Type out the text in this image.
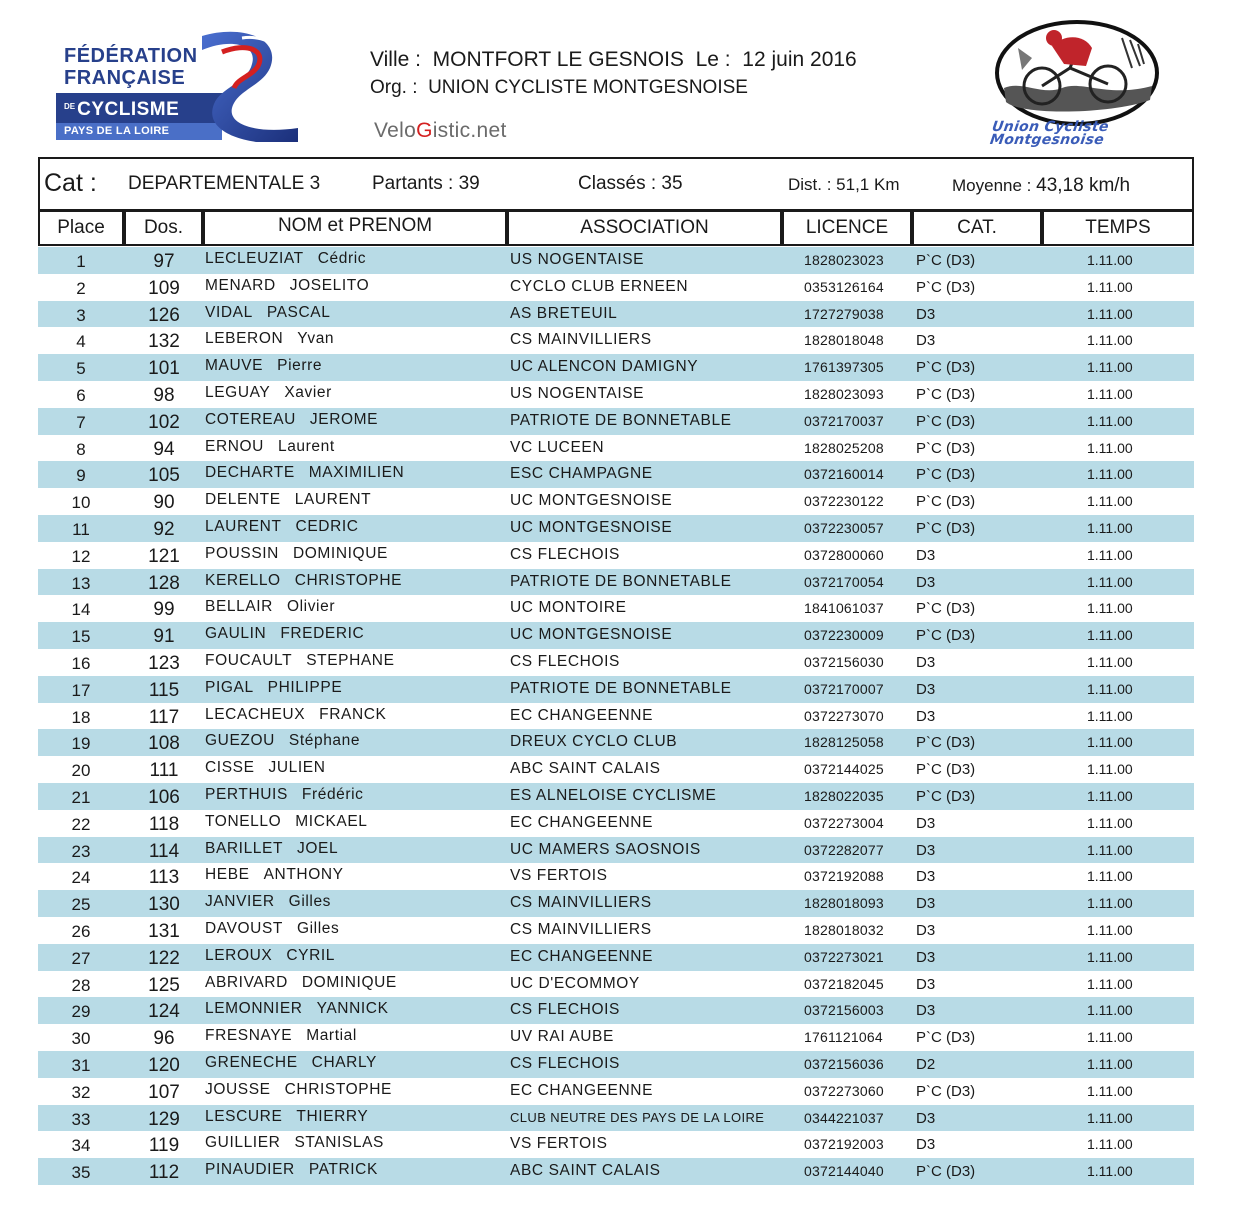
FÉDÉRATION
FRANÇAISE
$^{DE}$ CYCLISME
PAYS DE LA LOIRE
Ville : MONTFORT LE GESNOIS Le : 12 juin 2016
Org. : UNION CYCLISTE MONTGESNOISE
VeloGistic.net	Union Cycliste
Montgesnoise
Cat : DEPARTEMENTALE 3	Partants : 39	Classés : 35	Dist. : 51,1 Km	Moyenne : 43,18 km/h
Place	Dos.	NOM et PRENOM	ASSOCIATION	LICENCE	CAT.	TEMPS
1	97	LECLEUZIAT Cédric	US NOGENTAISE	1828023023 P`C (D3)	1.11.00
2	109	MENARD JOSELITO	CYCLO CLUB ERNEEN	0353126164 P`C (D3)	1.11.00
3	126	VIDAL PASCAL	AS BRETEUIL	1727279038 D3	1.11.00
4	132	LEBERON Yvan	CS MAINVILLIERS	1828018048 D3	1.11.00
5	101	MAUVE Pierre	UC ALENCON DAMIGNY	1761397305 P`C (D3)	1.11.00
6	98	LEGUAY Xavier	US NOGENTAISE	1828023093 P`C (D3)	1.11.00
7	102	COTEREAU JEROME	PATRIOTE DE BONNETABLE	0372170037 P`C (D3)	1.11.00
8	94	ERNOU Laurent	VC LUCEEN	1828025208 P`C (D3)	1.11.00
9	105	DECHARTE MAXIMILIEN	ESC CHAMPAGNE	0372160014 P`C (D3)	1.11.00
10	90	DELENTE LAURENT	UC MONTGESNOISE	0372230122 P`C (D3)	1.11.00
11	92	LAURENT CEDRIC	UC MONTGESNOISE	0372230057 P`C (D3)	1.11.00
12	121	POUSSIN DOMINIQUE	CS FLECHOIS	0372800060 D3	1.11.00
13	128	KERELLO CHRISTOPHE	PATRIOTE DE BONNETABLE	0372170054 D3	1.11.00
14	99	BELLAIR Olivier	UC MONTOIRE	1841061037 P`C (D3)	1.11.00
15	91	GAULIN FREDERIC	UC MONTGESNOISE	0372230009 P`C (D3)	1.11.00
16	123	FOUCAULT STEPHANE	CS FLECHOIS	0372156030 D3	1.11.00
17	115	PIGAL PHILIPPE	PATRIOTE DE BONNETABLE	0372170007 D3	1.11.00
18	117	LECACHEUX FRANCK	EC CHANGEENNE	0372273070 D3	1.11.00
19	108	GUEZOU Stéphane	DREUX CYCLO CLUB	1828125058 P`C (D3)	1.11.00
20	111	CISSE JULIEN	ABC SAINT CALAIS	0372144025 P`C (D3)	1.11.00
21	106	PERTHUIS Frédéric	ES ALNELOISE CYCLISME	1828022035 P`C (D3)	1.11.00
22	118	TONELLO MICKAEL	EC CHANGEENNE	0372273004 D3	1.11.00
23	114	BARILLET JOEL	UC MAMERS SAOSNOIS	0372282077 D3	1.11.00
24	113	HEBE ANTHONY	VS FERTOIS	0372192088 D3	1.11.00
25	130	JANVIER Gilles	CS MAINVILLIERS	1828018093 D3	1.11.00
26	131	DAVOUST Gilles	CS MAINVILLIERS	1828018032 D3	1.11.00
27	122	LEROUX CYRIL	EC CHANGEENNE	0372273021 D3	1.11.00
28	125	ABRIVARD DOMINIQUE	UC D'ECOMMOY	0372182045 D3	1.11.00
29	124	LEMONNIER YANNICK	CS FLECHOIS	0372156003 D3	1.11.00
30	96	FRESNAYE Martial	UV RAI AUBE	1761121064 P`C (D3)	1.11.00
31	120	GRENECHE CHARLY	CS FLECHOIS	0372156036 D2	1.11.00
32	107	JOUSSE CHRISTOPHE	EC CHANGEENNE	0372273060 P`C (D3)	1.11.00
33	129	LESCURE THIERRY	CLUB NEUTRE DES PAYS DE LA LOIRE	0344221037 D3	1.11.00
34	119	GUILLIER STANISLAS	VS FERTOIS	0372192003 D3	1.11.00
35	112	PINAUDIER PATRICK	ABC SAINT CALAIS	0372144040 P`C (D3)	1.11.00
